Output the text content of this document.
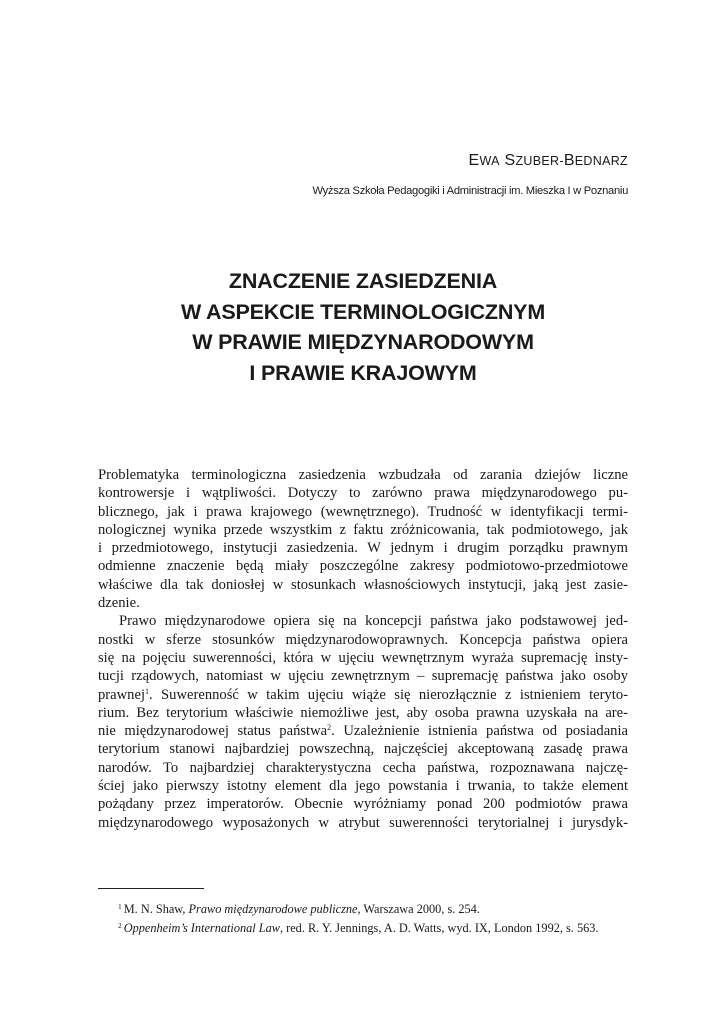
EWA SZUBER-BEDNARZ
Wyższa Szkoła Pedagogiki i Administracji im. Mieszka I w Poznaniu
ZNACZENIE ZASIEDZENIA
W ASPEKCIE TERMINOLOGICZNYM
W PRAWIE MIĘDZYNARODOWYM
I PRAWIE KRAJOWYM
Problematyka terminologiczna zasiedzenia wzbudzała od zarania dziejów liczne
kontrowersje i wątpliwości. Dotyczy to zarówno prawa międzynarodowego pu-
blicznego, jak i prawa krajowego (wewnętrznego). Trudność w identyfikacji termi-
nologicznej wynika przede wszystkim z faktu zróżnicowania, tak podmiotowego, jak
i przedmiotowego, instytucji zasiedzenia. W jednym i drugim porządku prawnym
odmienne znaczenie będą miały poszczególne zakresy podmiotowo-przedmiotowe
właściwe dla tak doniosłej w stosunkach własnościowych instytucji, jaką jest zasie-
dzenie.
Prawo międzynarodowe opiera się na koncepcji państwa jako podstawowej jed-
nostki w sferze stosunków międzynarodowoprawnych. Koncepcja państwa opiera
się na pojęciu suwerenności, która w ujęciu wewnętrznym wyraża supremację insty-
tucji rządowych, natomiast w ujęciu zewnętrznym – supremację państwa jako osoby
prawnej$^1$. Suwerenność w takim ujęciu wiąże się nierozłącznie z istnieniem teryto-
rium. Bez terytorium właściwie niemożliwe jest, aby osoba prawna uzyskała na are-
nie międzynarodowej status państwa$^2$. Uzależnienie istnienia państwa od posiadania
terytorium stanowi najbardziej powszechną, najczęściej akceptowaną zasadę prawa
narodów. To najbardziej charakterystyczna cecha państwa, rozpoznawana najczę-
ściej jako pierwszy istotny element dla jego powstania i trwania, to także element
pożądany przez imperatorów. Obecnie wyróżniamy ponad 200 podmiotów prawa
międzynarodowego wyposażonych w atrybut suwerenności terytorialnej i jurysdyk-
$^1$ M. N. Shaw, Prawo międzynarodowe publiczne, Warszawa 2000, s. 254.
$^2$ Oppenheim’s International Law, red. R. Y. Jennings, A. D. Watts, wyd. IX, London 1992, s. 563.
